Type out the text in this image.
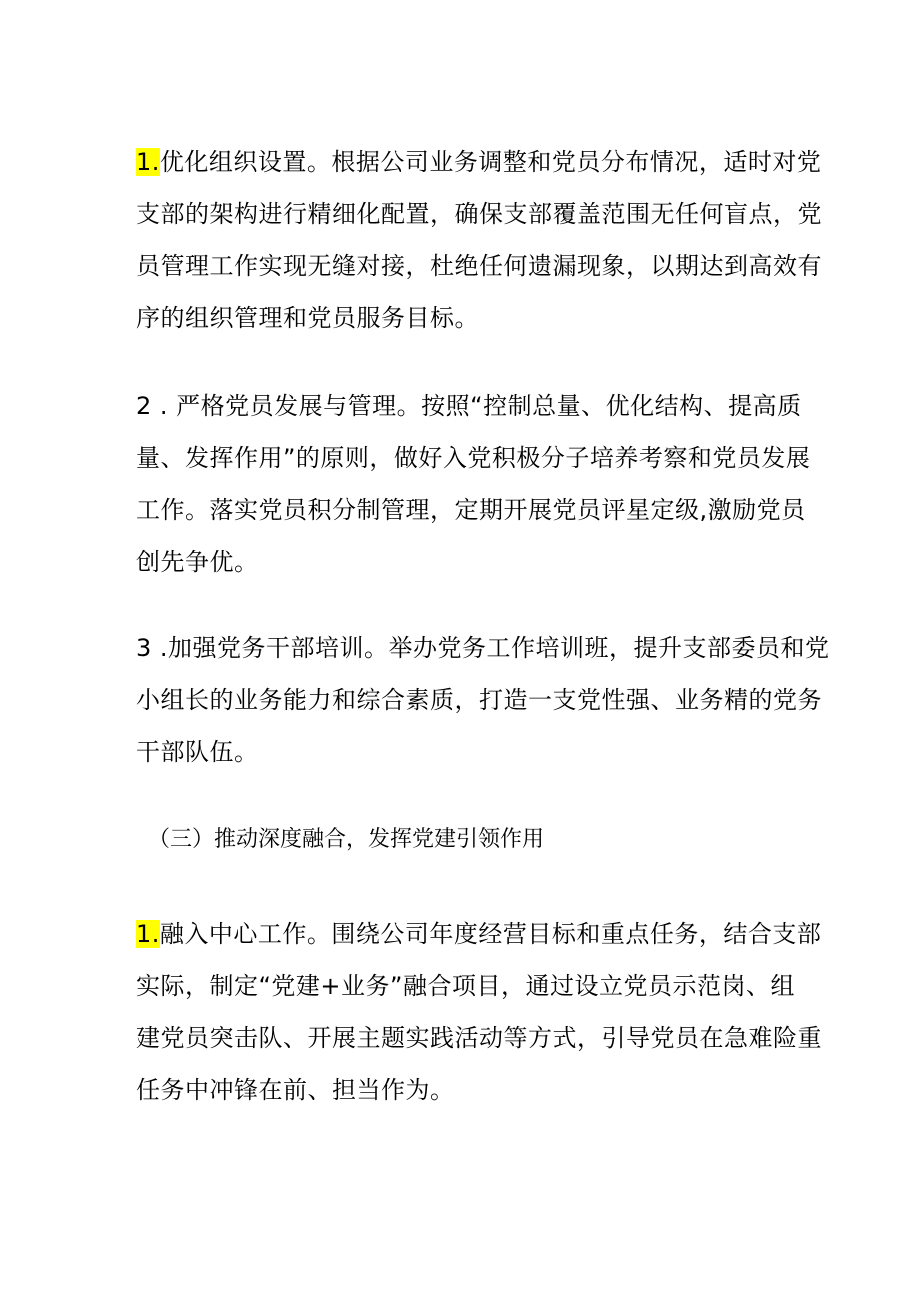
1.优化组织设置。根据公司业务调整和党员分布情况，适时对党
支部的架构进行精细化配置，确保支部覆盖范围无任何盲点，党
员管理工作实现无缝对接，杜绝任何遗漏现象，以期达到高效有
序的组织管理和党员服务目标。
2 . 严格党员发展与管理。按照“控制总量、优化结构、提高质
量、发挥作用”的原则，做好入党积极分子培养考察和党员发展
工作。落实党员积分制管理，定期开展党员评星定级,激励党员
创先争优。
3 .加强党务干部培训。举办党务工作培训班，提升支部委员和党
小组长的业务能力和综合素质，打造一支党性强、业务精的党务
干部队伍。

（三）推动深度融合，发挥党建引领作用

1.融入中心工作。围绕公司年度经营目标和重点任务，结合支部
实际，制定“党建+业务”融合项目，通过设立党员示范岗、组
建党员突击队、开展主题实践活动等方式，引导党员在急难险重
任务中冲锋在前、担当作为。
